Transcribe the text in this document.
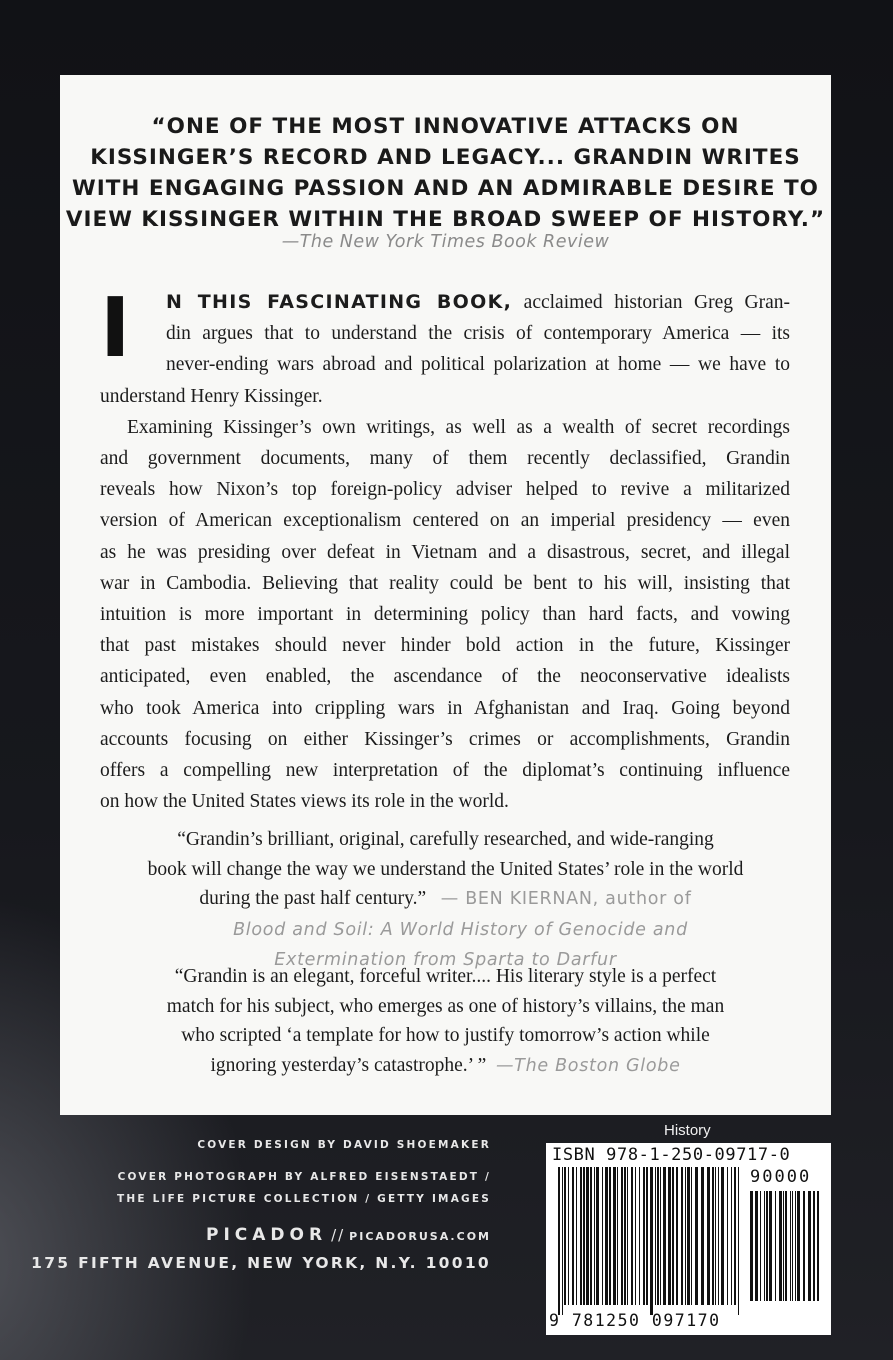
“ONE OF THE MOST INNOVATIVE ATTACKS ON
KISSINGER’S RECORD AND LEGACY... GRANDIN WRITES
WITH ENGAGING PASSION AND AN ADMIRABLE DESIRE TO
VIEW KISSINGER WITHIN THE BROAD SWEEP OF HISTORY.”
—The New York Times Book Review
I	N THIS FASCINATING BOOK, acclaimed historian Greg Gran-
din argues that to understand the crisis of contemporary America — its
never-ending wars abroad and political polarization at home — we have to
understand Henry Kissinger.
Examining Kissinger’s own writings, as well as a wealth of secret recordings
and government documents, many of them recently declassified, Grandin
reveals how Nixon’s top foreign-policy adviser helped to revive a militarized
version of American exceptionalism centered on an imperial presidency — even
as he was presiding over defeat in Vietnam and a disastrous, secret, and illegal
war in Cambodia. Believing that reality could be bent to his will, insisting that
intuition is more important in determining policy than hard facts, and vowing
that past mistakes should never hinder bold action in the future, Kissinger
anticipated, even enabled, the ascendance of the neoconservative idealists
who took America into crippling wars in Afghanistan and Iraq. Going beyond
accounts focusing on either Kissinger’s crimes or accomplishments, Grandin
offers a compelling new interpretation of the diplomat’s continuing influence
on how the United States views its role in the world.
“Grandin’s brilliant, original, carefully researched, and wide-ranging
book will change the way we understand the United States’ role in the world
during the past half century.” — BEN KIERNAN, author of
Blood and Soil: A World History of Genocide and
Extermination from Sparta to Darfur
“Grandin is an elegant, forceful writer.... His literary style is a perfect
match for his subject, who emerges as one of history’s villains, the man
who scripted ‘a template for how to justify tomorrow’s action while
ignoring yesterday’s catastrophe.’ ” —The Boston Globe
COVER DESIGN BY DAVID SHOEMAKER
COVER PHOTOGRAPH BY ALFRED EISENSTAEDT /
THE LIFE PICTURE COLLECTION / GETTY IMAGES
PICADOR // PICADORUSA.COM
175 FIFTH AVENUE, NEW YORK, N.Y. 10010
History
ISBN 978-1-250-09717-0
90000
9 781250 097170
